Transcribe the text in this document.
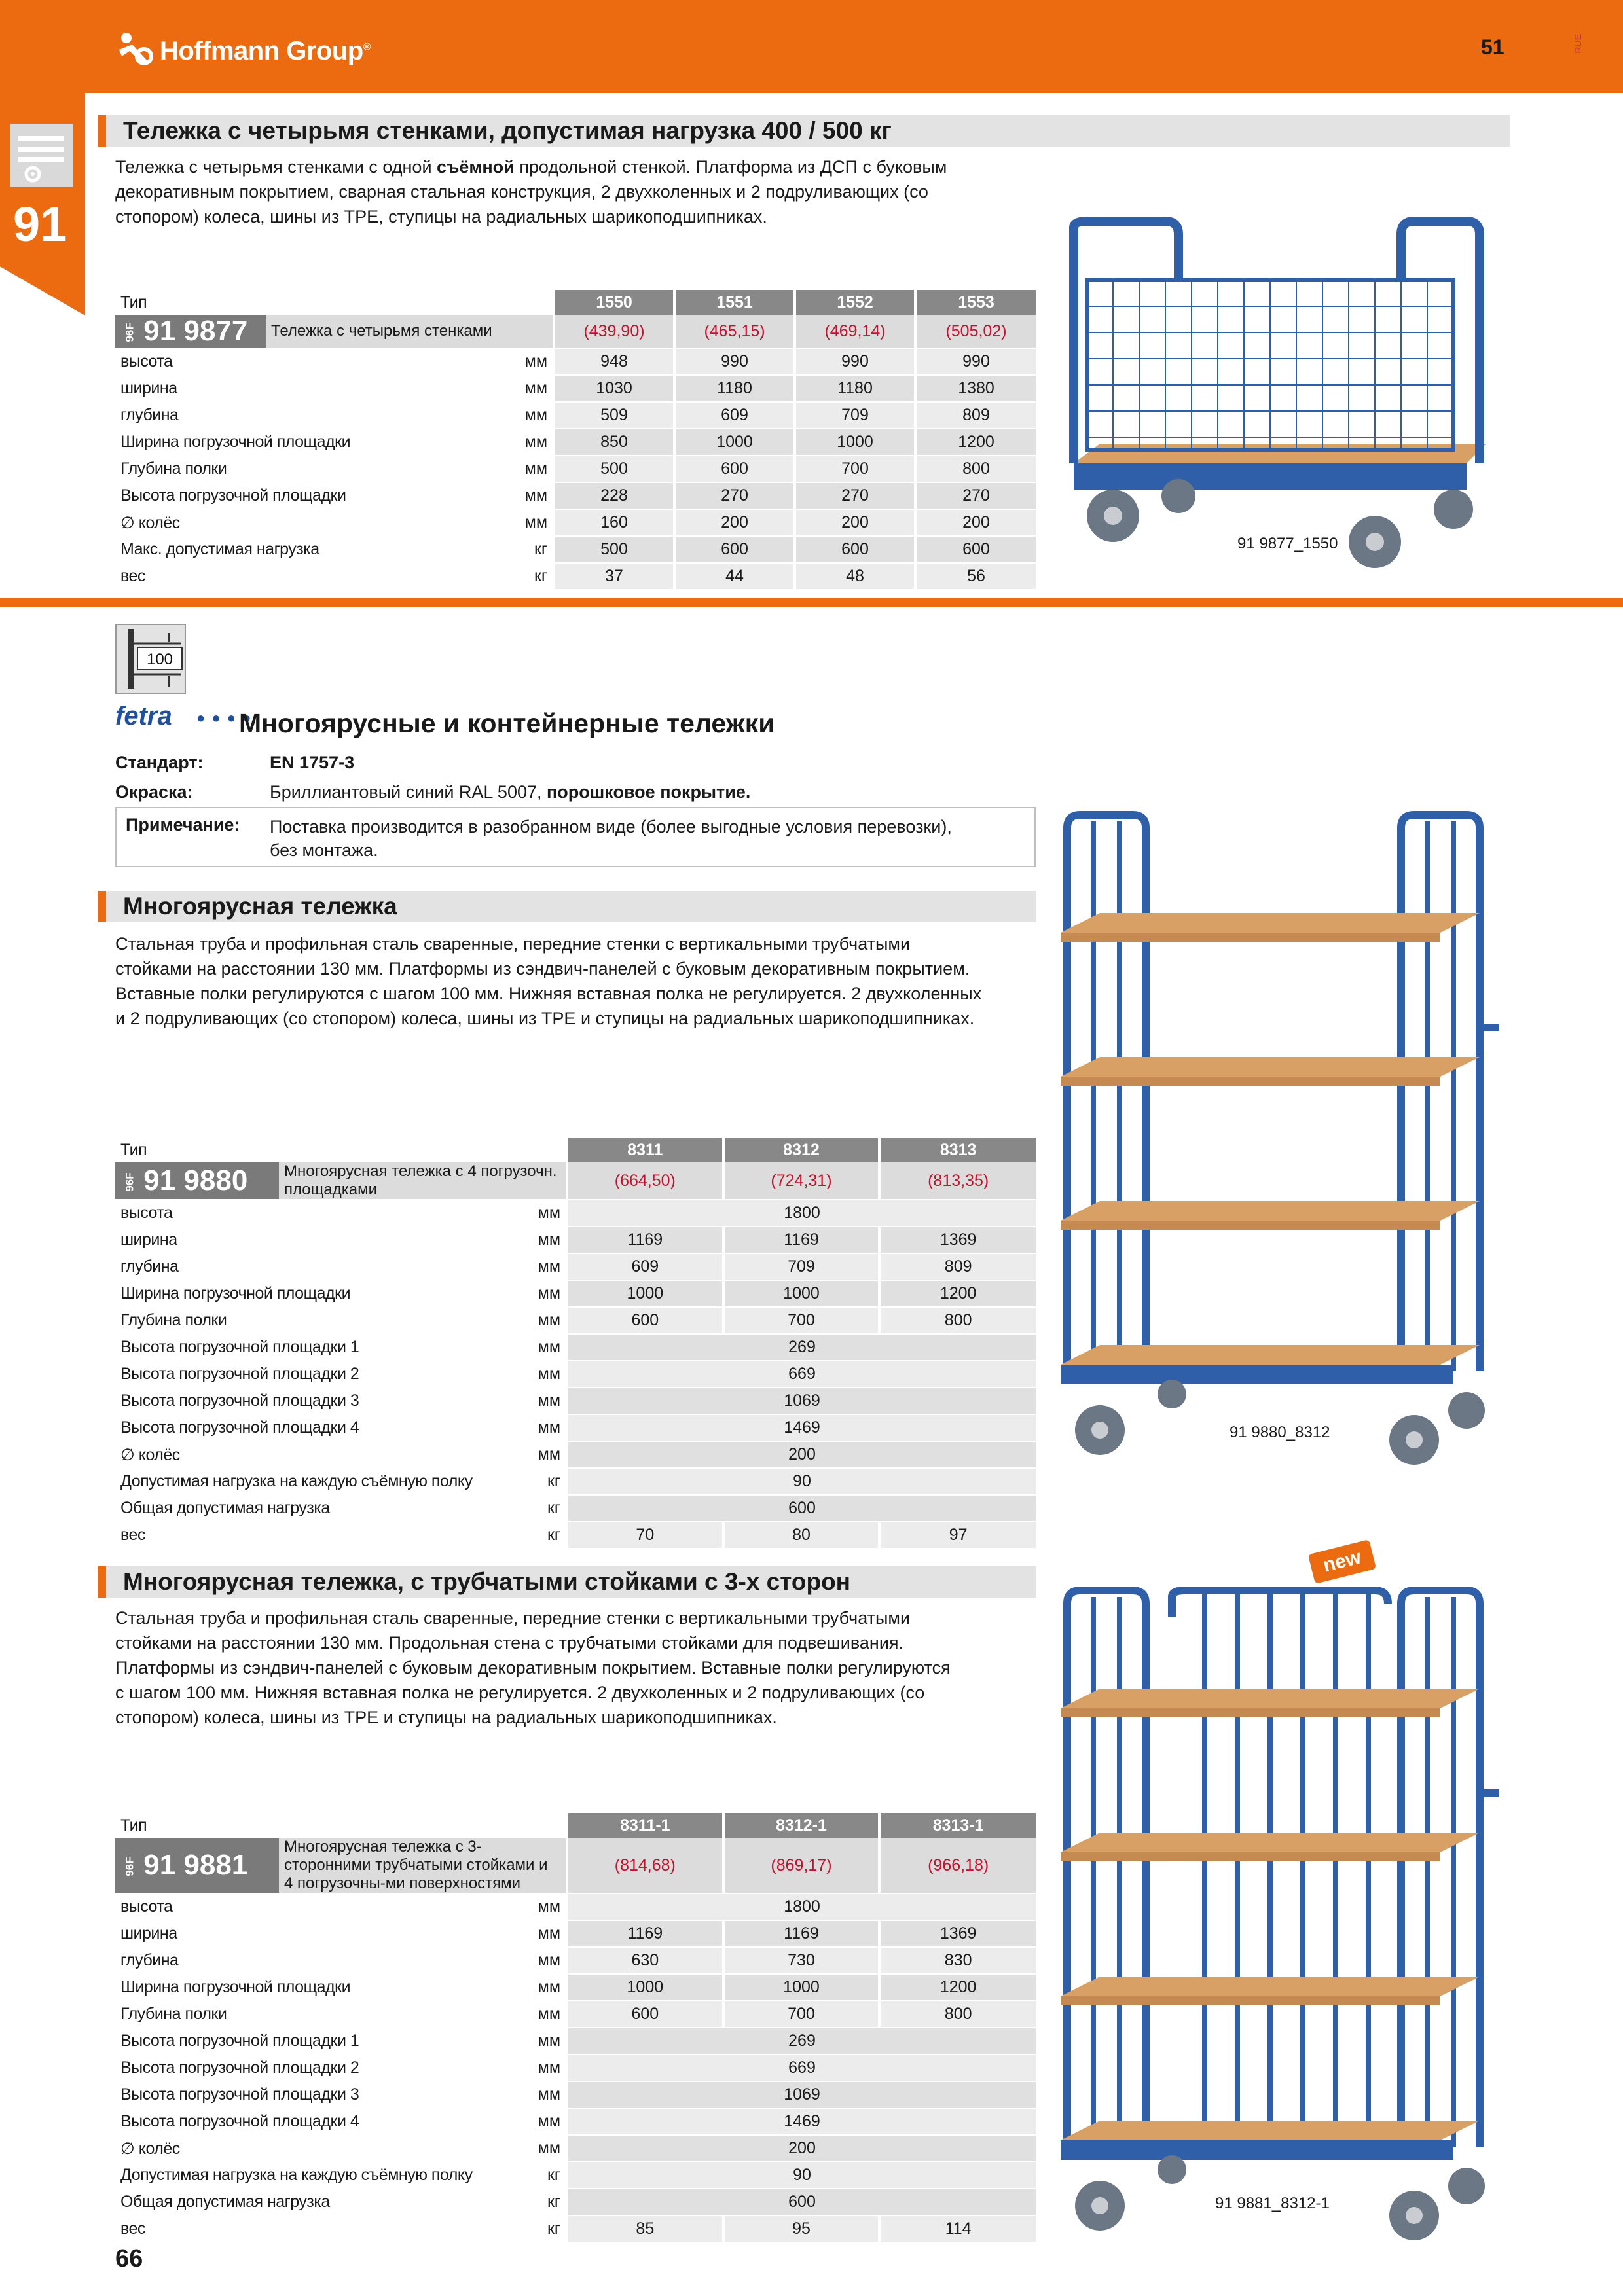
Hoffmann Group®	51	RUE
91
Тележка с четырьмя стенками, допустимая нагрузка 400 / 500 кг
Тележка с четырьмя стенками с одной съёмной продольной стенкой. Платформа из ДСП с буковым
декоративным покрытием, сварная стальная конструкция, 2 двухколенных и 2 подруливающих (со
стопором) колеса, шины из TPE, ступицы на радиальных шарикоподшипниках.
Тип		1550	1551	1552	1553
96F 91 9877	Тележка с четырьмя стенками	(439,90)	(465,15)	(469,14)	(505,02)
высота	мм	948	990	990	990
ширина	мм	1030	1180	1180	1380
глубина	мм	509	609	709	809
Ширина погрузочной площадки	мм	850	1000	1000	1200
Глубина полки	мм	500	600	700	800
Высота погрузочной площадки	мм	228	270	270	270
∅ колёс	мм	160	200	200	200
Макс. допустимая нагрузка	кг	500	600	600	600
вес	кг	37	44	48	56
91 9877_1550
100
fetra ● ● ● ●
Многоярусные и контейнерные тележки
Стандарт:	EN 1757-3
Окраска:	Бриллиантовый синий RAL 5007, порошковое покрытие.
Примечание: Поставка производится в разобранном виде (более выгодные условия перевозки),
без монтажа.
Многоярусная тележка
Стальная труба и профильная сталь сваренные, передние стенки с вертикальными трубчатыми
стойками на расстоянии 130 мм. Платформы из сэндвич-панелей с буковым декоративным покрытием.
Вставные полки регулируются с шагом 100 мм. Нижняя вставная полка не регулируется. 2 двухколенных
и 2 подруливающих (со стопором) колеса, шины из TPE и ступицы на радиальных шарикоподшипниках.
Тип		8311	8312	8313
96F 91 9880	Многоярусная тележка с 4 погрузочн. площадками	(664,50)	(724,31)	(813,35)
высота	мм	1800		
ширина	мм	1169	1169	1369
глубина	мм	609	709	809
Ширина погрузочной площадки	мм	1000	1000	1200
Глубина полки	мм	600	700	800
Высота погрузочной площадки 1	мм	269		
Высота погрузочной площадки 2	мм	669		
Высота погрузочной площадки 3	мм	1069		
Высота погрузочной площадки 4	мм	1469		
∅ колёс	мм	200		
Допустимая нагрузка на каждую съёмную полку	кг	90		
Общая допустимая нагрузка	кг	600		
вес	кг	70	80	97
91 9880_8312
Многоярусная тележка, с трубчатыми стойками с 3-х сторон
new
Стальная труба и профильная сталь сваренные, передние стенки с вертикальными трубчатыми
стойками на расстоянии 130 мм. Продольная стена с трубчатыми стойками для подвешивания.
Платформы из сэндвич-панелей с буковым декоративным покрытием. Вставные полки регулируются
с шагом 100 мм. Нижняя вставная полка не регулируется. 2 двухколенных и 2 подруливающих (со
стопором) колеса, шины из TPE и ступицы на радиальных шарикоподшипниках.
Тип		8311-1	8312-1	8313-1
96F 91 9881	Многоярусная тележка с 3-сторонними трубчатыми стойками и 4 погрузочны-ми поверхностями	(814,68)	(869,17)	(966,18)
высота	мм	1800		
ширина	мм	1169	1169	1369
глубина	мм	630	730	830
Ширина погрузочной площадки	мм	1000	1000	1200
Глубина полки	мм	600	700	800
Высота погрузочной площадки 1	мм	269		
Высота погрузочной площадки 2	мм	669		
Высота погрузочной площадки 3	мм	1069		
Высота погрузочной площадки 4	мм	1469		
∅ колёс	мм	200		
Допустимая нагрузка на каждую съёмную полку	кг	90		
Общая допустимая нагрузка	кг	600		
вес	кг	85	95	114
91 9881_8312-1
66
